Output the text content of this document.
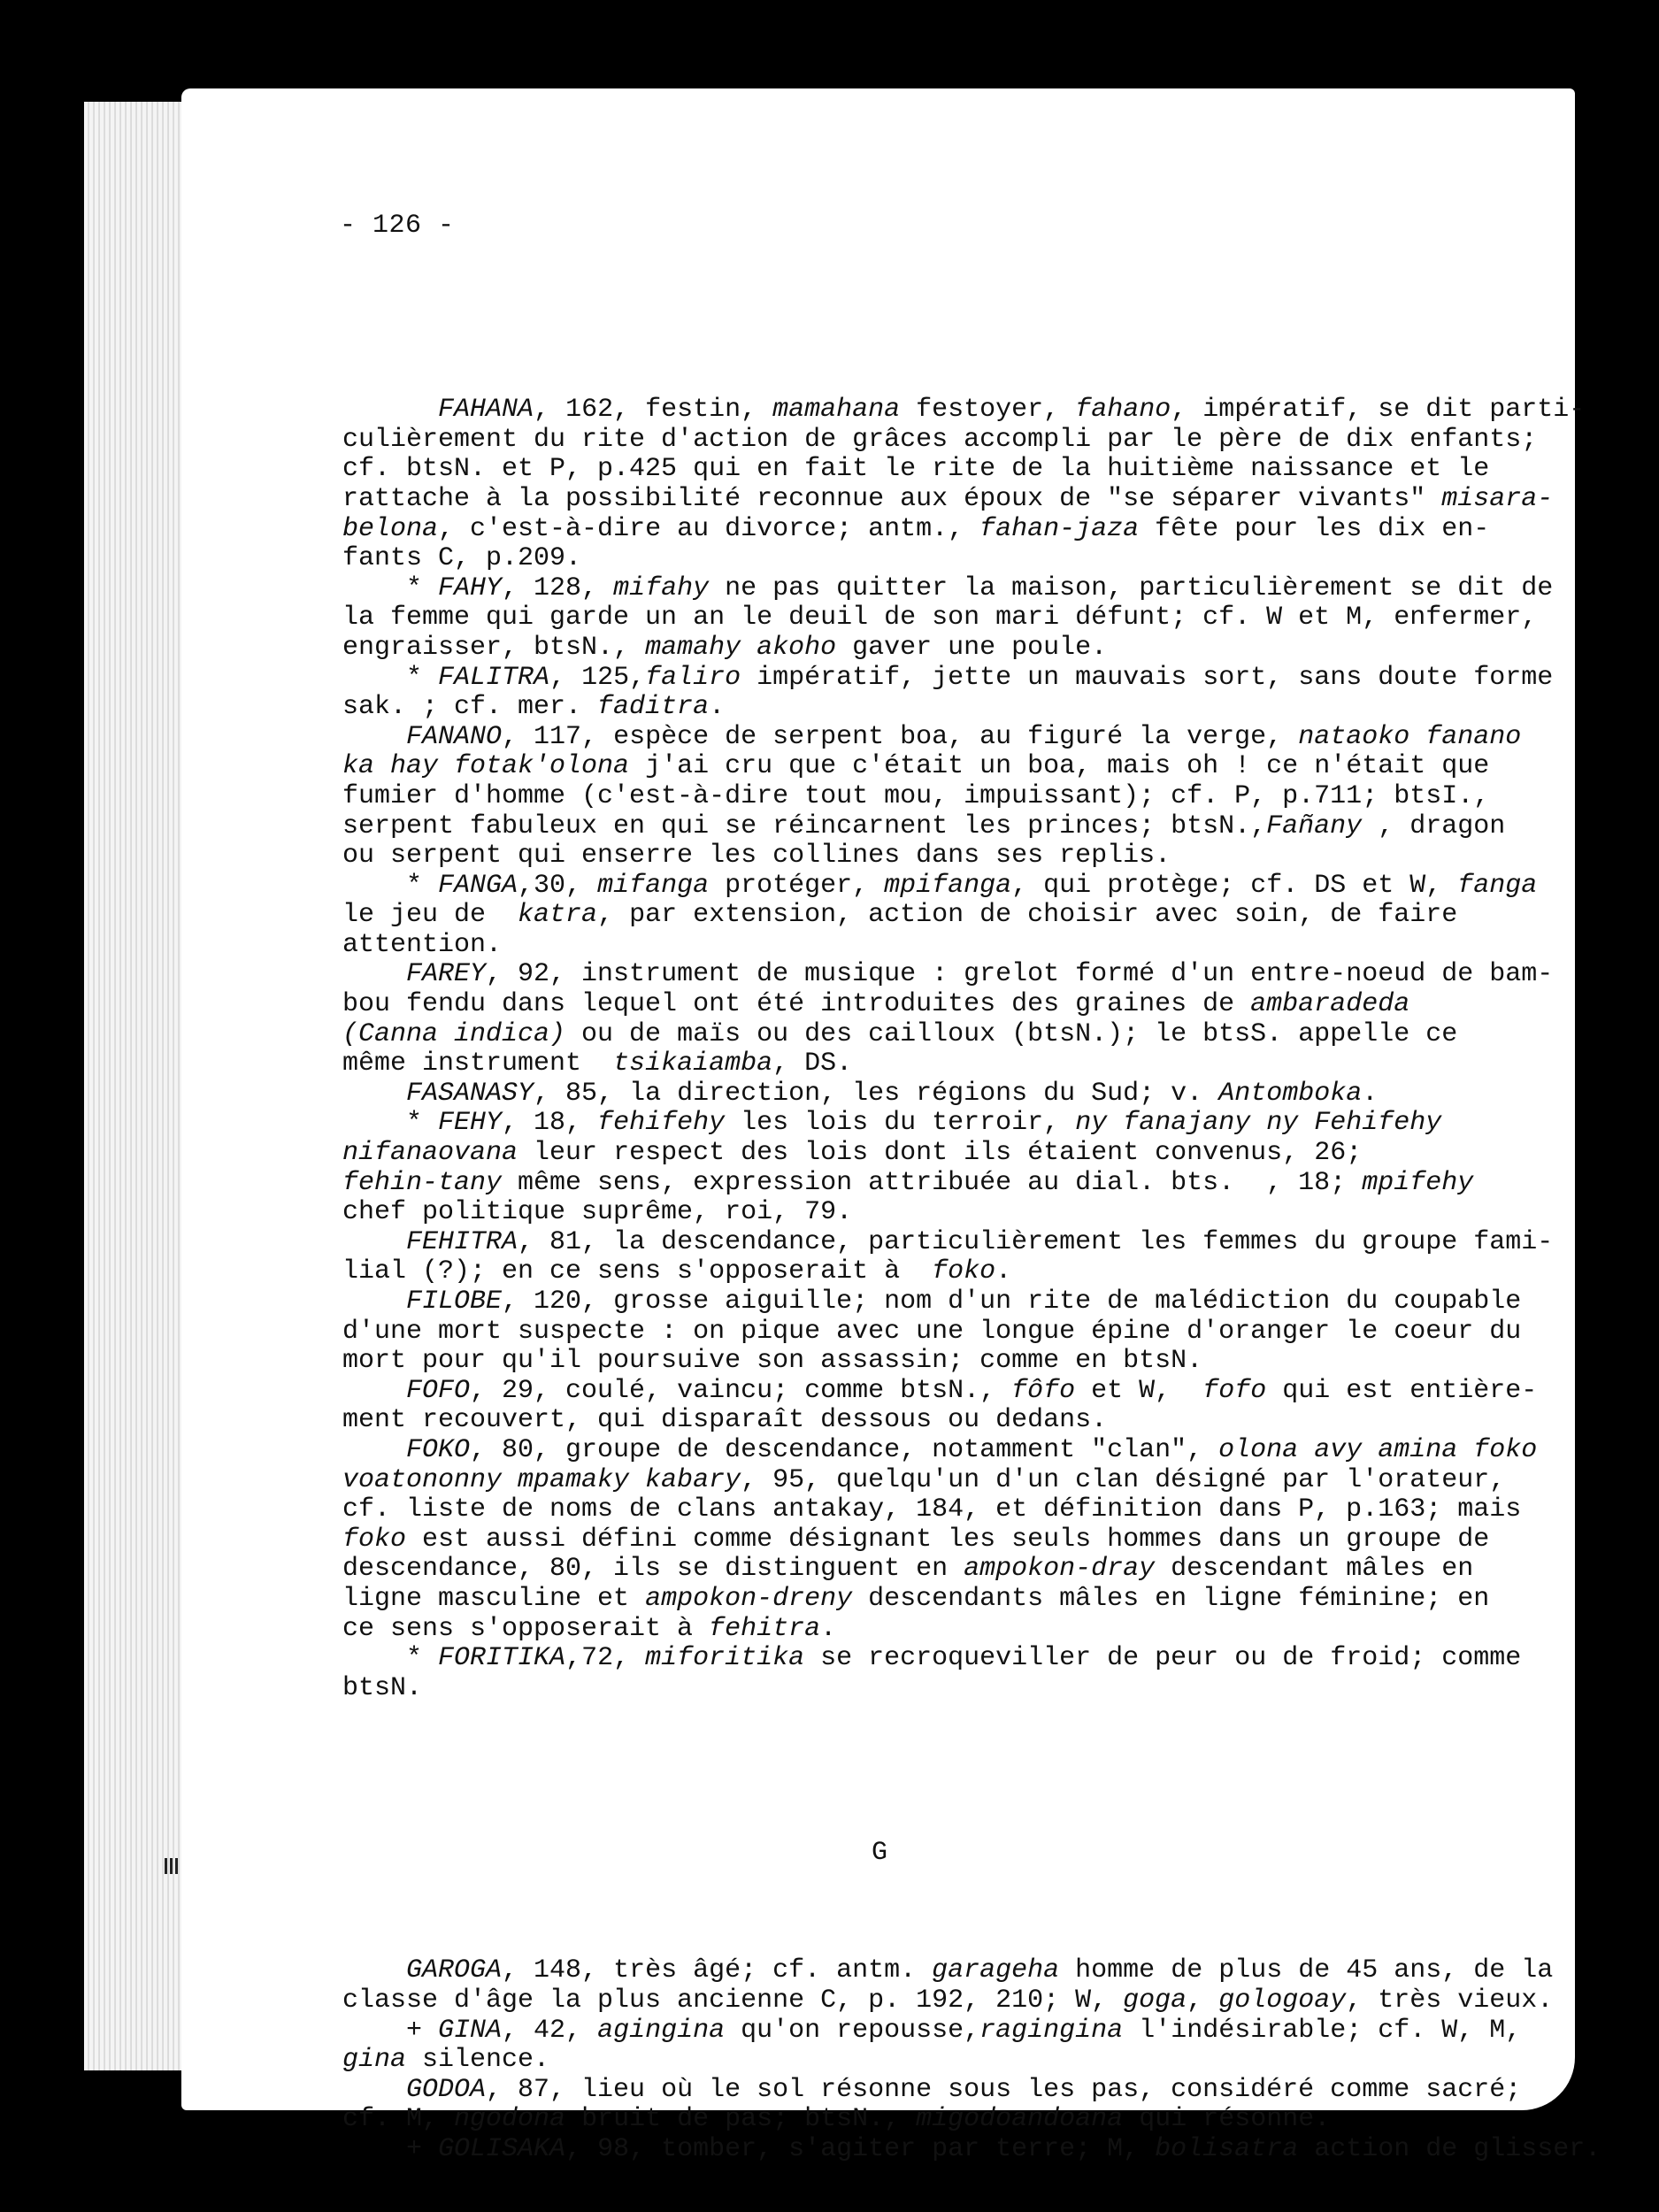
- 126 -

FAHANA, 162, festin, mamahana festoyer, fahano, impératif, se dit parti-
culièrement du rite d'action de grâces accompli par le père de dix enfants;
cf. btsN. et P, p.425 qui en fait le rite de la huitième naissance et le
rattache à la possibilité reconnue aux époux de "se séparer vivants" misara-
belona, c'est-à-dire au divorce; antm., fahan-jaza fête pour les dix en-
fants C, p.209.
* FAHY, 128, mifahy ne pas quitter la maison, particulièrement se dit de
la femme qui garde un an le deuil de son mari défunt; cf. W et M, enfermer,
engraisser, btsN., mamahy akoho gaver une poule.
* FALITRA, 125,faliro impératif, jette un mauvais sort, sans doute forme
sak. ; cf. mer. faditra.
FANANO, 117, espèce de serpent boa, au figuré la verge, nataoko fanano
ka hay fotak'olona j'ai cru que c'était un boa, mais oh ! ce n'était que
fumier d'homme (c'est-à-dire tout mou, impuissant); cf. P, p.711; btsI.,
serpent fabuleux en qui se réincarnent les princes; btsN.,Fañany , dragon
ou serpent qui enserre les collines dans ses replis.
* FANGA,30, mifanga protéger, mpifanga, qui protège; cf. DS et W, fanga
le jeu de  katra, par extension, action de choisir avec soin, de faire
attention.
FAREY, 92, instrument de musique : grelot formé d'un entre-noeud de bam-
bou fendu dans lequel ont été introduites des graines de ambaradeda
(Canna indica) ou de maïs ou des cailloux (btsN.); le btsS. appelle ce
même instrument  tsikaiamba, DS.
FASANASY, 85, la direction, les régions du Sud; v. Antomboka.
* FEHY, 18, fehifehy les lois du terroir, ny fanajany ny Fehifehy
nifanaovana leur respect des lois dont ils étaient convenus, 26;
fehin-tany même sens, expression attribuée au dial. bts.  , 18; mpifehy
chef politique suprême, roi, 79.
FEHITRA, 81, la descendance, particulièrement les femmes du groupe fami-
lial (?); en ce sens s'opposerait à  foko.
FILOBE, 120, grosse aiguille; nom d'un rite de malédiction du coupable
d'une mort suspecte : on pique avec une longue épine d'oranger le coeur du
mort pour qu'il poursuive son assassin; comme en btsN.
FOFO, 29, coulé, vaincu; comme btsN., fôfo et W,  fofo qui est entière-
ment recouvert, qui disparaît dessous ou dedans.
FOKO, 80, groupe de descendance, notamment "clan", olona avy amina foko
voatononny mpamaky kabary, 95, quelqu'un d'un clan désigné par l'orateur,
cf. liste de noms de clans antakay, 184, et définition dans P, p.163; mais
foko est aussi défini comme désignant les seuls hommes dans un groupe de
descendance, 80, ils se distinguent en ampokon-dray descendant mâles en
ligne masculine et ampokon-dreny descendants mâles en ligne féminine; en
ce sens s'opposerait à fehitra.
* FORITIKA,72, miforitika se recroqueviller de peur ou de froid; comme
btsN.

G

GAROGA, 148, très âgé; cf. antm. garageha homme de plus de 45 ans, de la
classe d'âge la plus ancienne C, p. 192, 210; W, goga, gologoay, très vieux.
+ GINA, 42, agingina qu'on repousse,ragingina l'indésirable; cf. W, M,
gina silence.
GODOA, 87, lieu où le sol résonne sous les pas, considéré comme sacré;
cf. M, ngodona bruit de pas; btsN., migodoandoana qui résonne.
+ GOLISAKA, 98, tomber, s'agiter par terre; M, bolisatra action de glisser.
